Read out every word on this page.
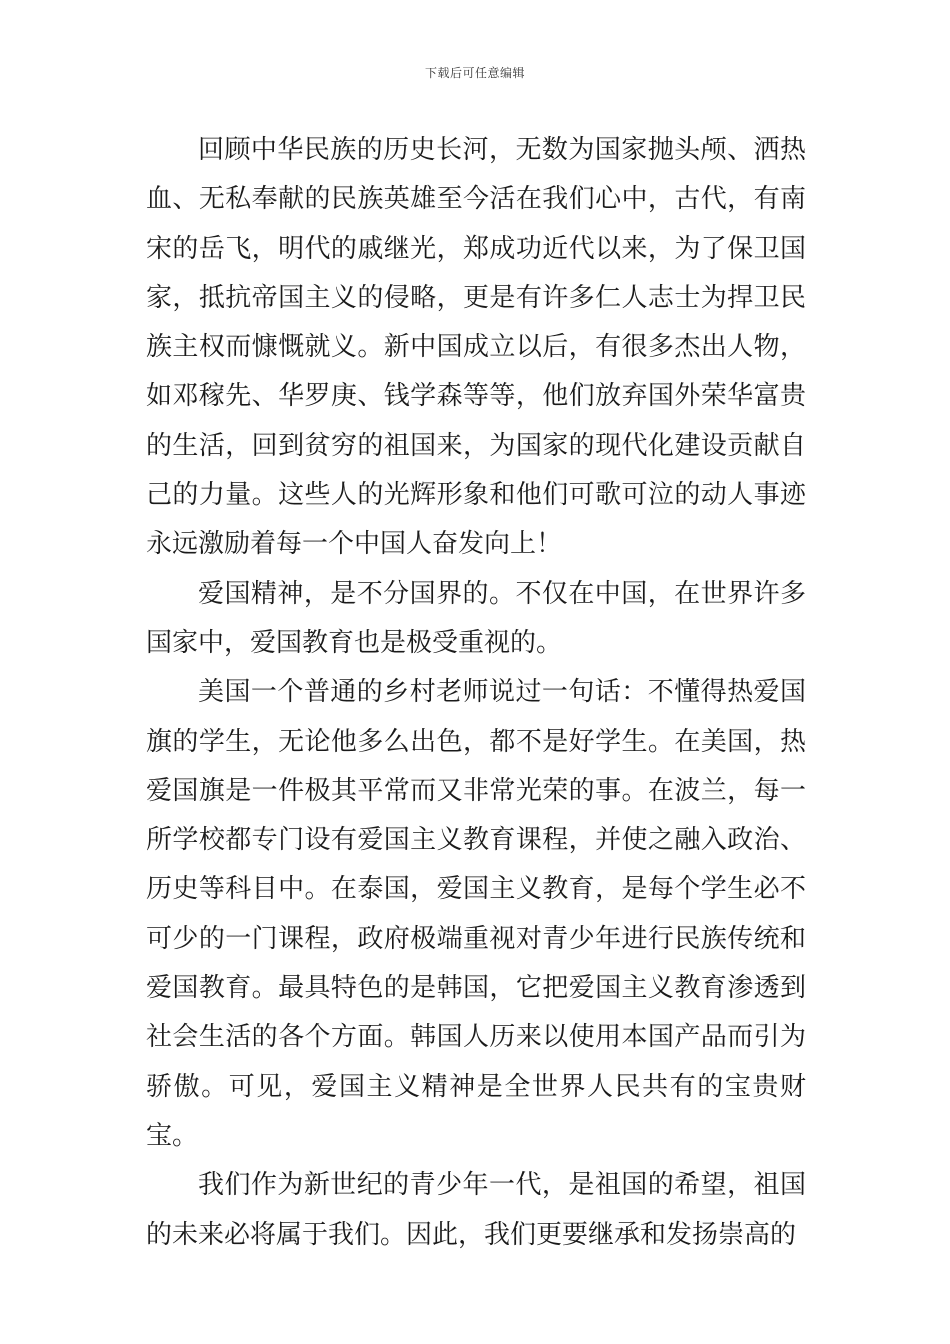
下载后可任意编辑

回顾中华民族的历史长河，无数为国家抛头颅、洒热血、无私奉献的民族英雄至今活在我们心中，古代，有南宋的岳飞，明代的戚继光，郑成功近代以来，为了保卫国家，抵抗帝国主义的侵略，更是有许多仁人志士为捍卫民族主权而慷慨就义。新中国成立以后，有很多杰出人物，如邓稼先、华罗庚、钱学森等等，他们放弃国外荣华富贵的生活，回到贫穷的祖国来，为国家的现代化建设贡献自己的力量。这些人的光辉形象和他们可歌可泣的动人事迹永远激励着每一个中国人奋发向上！

爱国精神，是不分国界的。不仅在中国，在世界许多国家中，爱国教育也是极受重视的。

美国一个普通的乡村老师说过一句话：不懂得热爱国旗的学生，无论他多么出色，都不是好学生。在美国，热爱国旗是一件极其平常而又非常光荣的事。在波兰，每一所学校都专门设有爱国主义教育课程，并使之融入政治、历史等科目中。在泰国，爱国主义教育，是每个学生必不可少的一门课程，政府极端重视对青少年进行民族传统和爱国教育。最具特色的是韩国，它把爱国主义教育渗透到社会生活的各个方面。韩国人历来以使用本国产品而引为骄傲。可见，爱国主义精神是全世界人民共有的宝贵财宝。

我们作为新世纪的青少年一代，是祖国的希望，祖国的未来必将属于我们。因此，我们更要继承和发扬崇高的
